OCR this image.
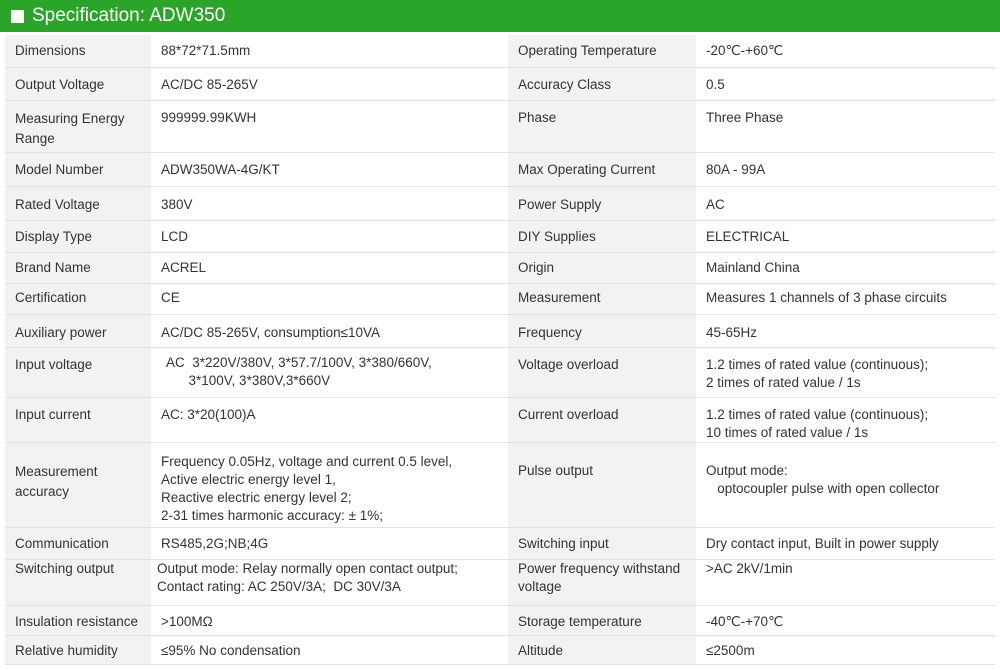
Specification: ADW350
Dimensions	88*72*71.5mm	Operating Temperature	-20℃-+60℃
Output Voltage	AC/DC 85-265V	Accuracy Class	0.5
Measuring Energy Range	999999.99KWH	Phase	Three Phase
Model Number	ADW350WA-4G/KT	Max Operating Current	80A - 99A
Rated Voltage	380V	Power Supply	AC
Display Type	LCD	DIY Supplies	ELECTRICAL
Brand Name	ACREL	Origin	Mainland China
Certification	CE	Measurement	Measures 1 channels of 3 phase circuits
Auxiliary power	AC/DC 85-265V, consumption≤10VA	Frequency	45-65Hz
Input voltage	AC  3*220V/380V, 3*57.7/100V, 3*380/660V,
3*100V, 3*380V,3*660V	Voltage overload	1.2 times of rated value (continuous);
2 times of rated value / 1s
Input current	AC: 3*20(100)A	Current overload	1.2 times of rated value (continuous);
10 times of rated value / 1s
Measurement accuracy	Frequency 0.05Hz, voltage and current 0.5 level,
Active electric energy level 1,
Reactive electric energy level 2;
2-31 times harmonic accuracy: ± 1%;	Pulse output	Output mode:
optocoupler pulse with open collector
Communication	RS485,2G;NB;4G	Switching input	Dry contact input, Built in power supply
Switching output	Output mode: Relay normally open contact output;
Contact rating: AC 250V/3A;  DC 30V/3A	Power frequency withstand voltage	>AC 2kV/1min
Insulation resistance	>100MΩ	Storage temperature	-40℃-+70℃
Relative humidity	≤95% No condensation	Altitude	≤2500m
